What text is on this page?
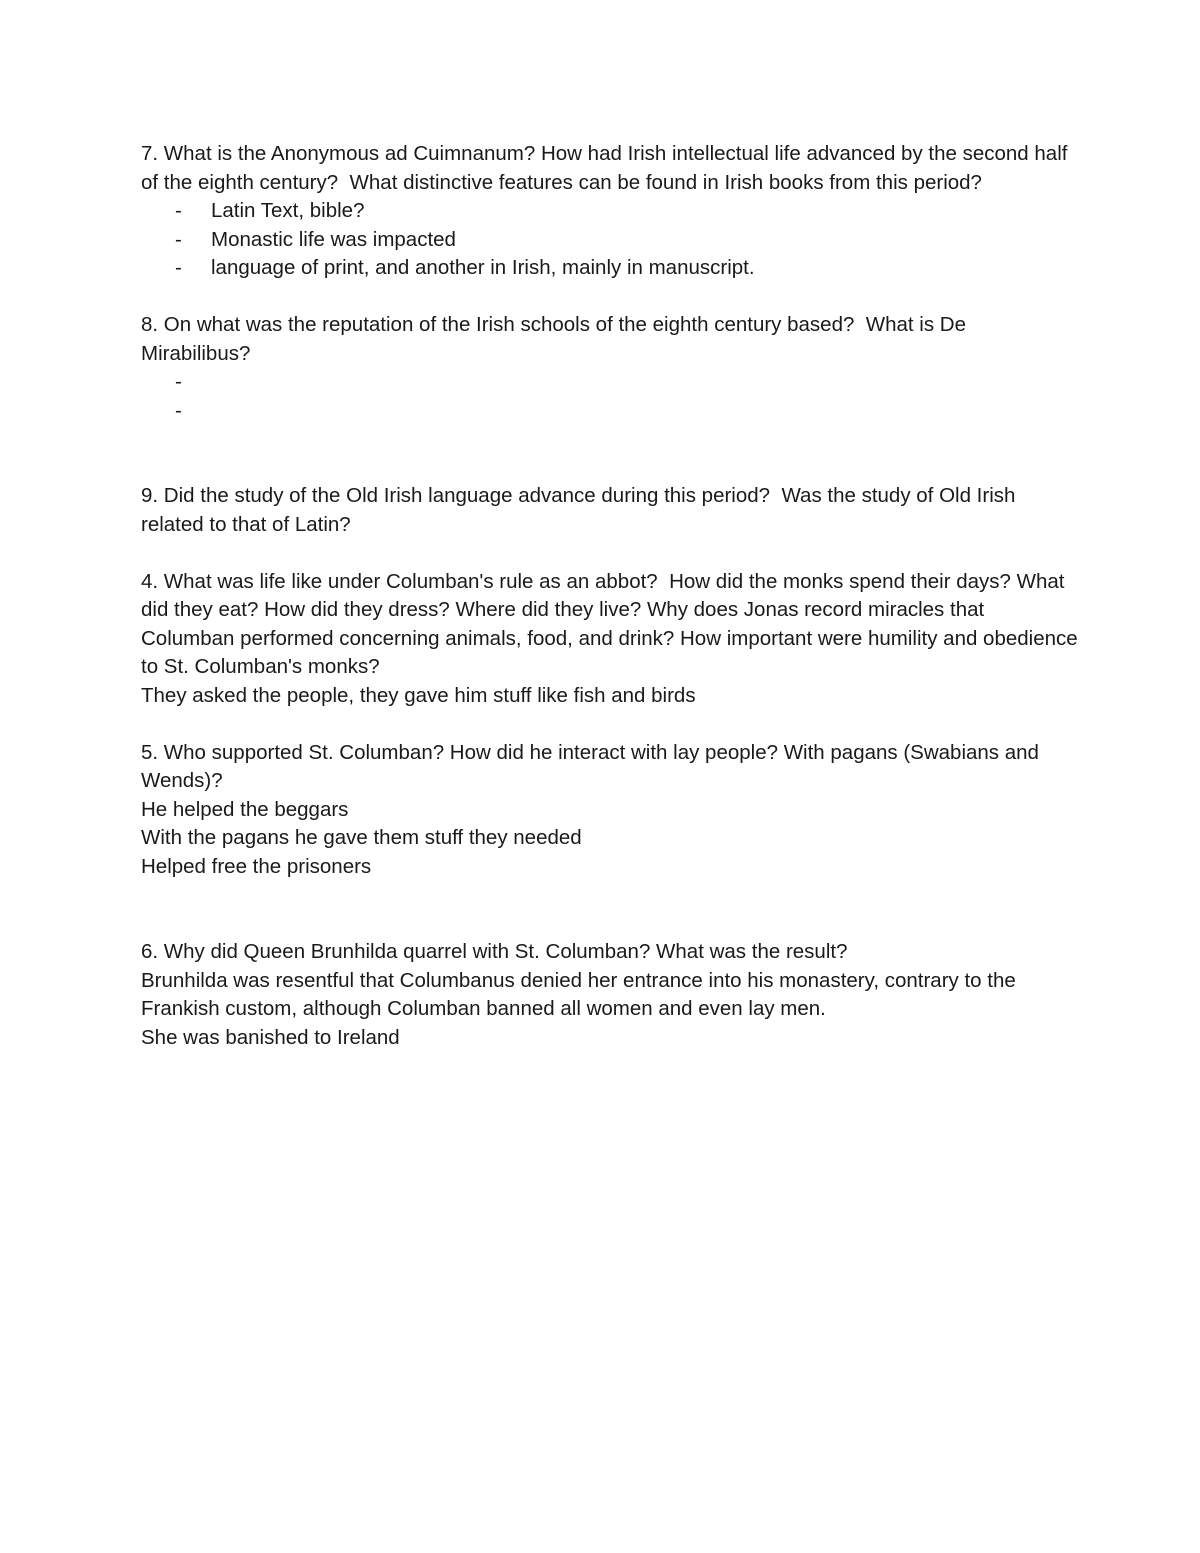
7. What is the Anonymous ad Cuimnanum? How had Irish intellectual life advanced by the second half of the eighth century?  What distinctive features can be found in Irish books from this period?

-	Latin Text, bible?
-	Monastic life was impacted
-	language of print, and another in Irish, mainly in manuscript.

8. On what was the reputation of the Irish schools of the eighth century based?  What is De Mirabilibus?

-
-

9. Did the study of the Old Irish language advance during this period?  Was the study of Old Irish related to that of Latin?

4. What was life like under Columban's rule as an abbot?  How did the monks spend their days? What did they eat? How did they dress? Where did they live? Why does Jonas record miracles that Columban performed concerning animals, food, and drink? How important were humility and obedience to St. Columban's monks?

They asked the people, they gave him stuff like fish and birds

5. Who supported St. Columban? How did he interact with lay people? With pagans (Swabians and Wends)?

He helped the beggars

With the pagans he gave them stuff they needed

Helped free the prisoners

6. Why did Queen Brunhilda quarrel with St. Columban? What was the result?

Brunhilda was resentful that Columbanus denied her entrance into his monastery, contrary to the Frankish custom, although Columban banned all women and even lay men.

She was banished to Ireland
